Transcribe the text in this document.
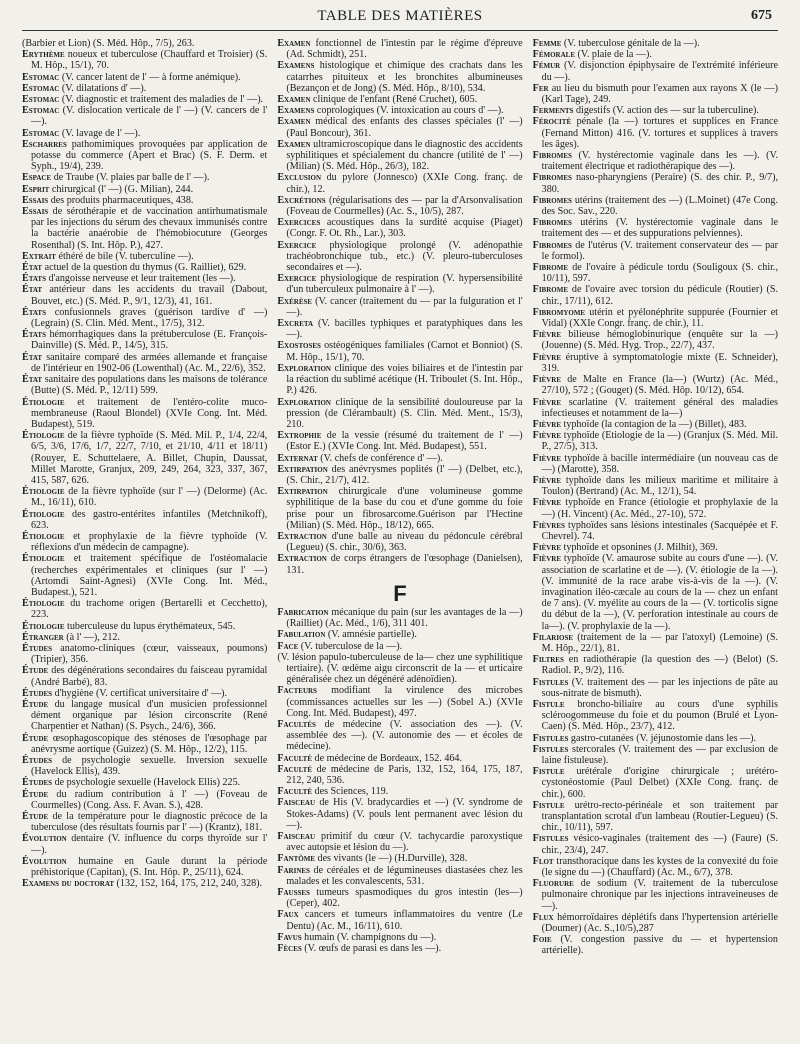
TABLE DES MATIÈRES	675

(Barbier et Lion) (S. Méd. Hôp., 7/5), 263.

Erythème noueux et tuberculose (Chauffard et Troisier) (S. M. Hôp., 15/1), 70.

Estomac (V. cancer latent de l' — à forme anémique).

Estomac (V. dilatations d' —).

Estomac (V. diagnostic et traitement des maladies de l' —).

Estomac (V. dislocation verticale de l' —) (V. cancers de l' —).

Estomac (V. lavage de l' —).

Escharres pathomimiques provoquées par application de potasse du commerce (Apert et Brac) (S. F. Derm. et Syph., 19/4), 239.

Espace de Traube (V. plaies par balle de l' —).

Esprit chirurgical (l' —) (G. Milian), 244.

Essais des produits pharmaceutiques, 438.

Essais de sérothérapie et de vaccination antirhumatismale par les injections du sérum des chevaux immunisés contre la bactérie anaérobie de l'hémobiocuture (Georges Rosenthal) (S. Int. Hôp. P.), 427.

Extrait éthéré de bile (V. tuberculine —).

État actuel de la question du thymus (G. Railliet), 629.

États d'angoisse nerveuse et leur traitement (les —).

État antérieur dans les accidents du travail (Dabout, Bouvet, etc.) (S. Méd. P., 9/1, 12/3), 41, 161.

États confusionnels graves (guérison tardive d' —) (Legrain) (S. Clin. Méd. Ment., 17/5), 312.

États hémorrhagiques dans la prétuberculose (E. François-Dainville) (S. Méd. P., 14/5), 315.

État sanitaire comparé des armées allemande et française de l'intérieur en 1902-06 (Lowenthal) (Ac. M., 22/6), 352.

État sanitaire des populations dans les maisons de tolérance (Butte) (S. Méd. P., 12/11) 599.

Étiologie et traitement de l'entéro-colite muco-membraneuse (Raoul Blondel) (XVIe Cong. Int. Méd. Budapest), 519.

Étiologie de la fièvre typhoïde (S. Méd. Mil. P., 1/4, 22/4, 6/5, 3/6, 17/6, 1/7, 22/7, 7/10, et 21/10, 4/11 et 18/11) (Rouyer, E. Schuttelaere, A. Billet, Chupin, Daussat, Millet Marotte, Granjux, 209, 249, 264, 323, 337, 367, 415, 587, 626.

Étiologie de la fièvre typhoïde (sur l' —) (Delorme) (Ac. M., 16/11), 610.

Étiologie des gastro-entérites infantiles (Metchnikoff), 623.

Étiologie et prophylaxie de la fièvre typhoïde (V. réflexions d'un médecin de campagne).

Étiologie et traitement spécifique de l'ostéomalacie (recherches expérimentales et cliniques (sur l' —) (Artomdi Saint-Agnesi) (XVIe Cong. Int. Méd., Budapest.), 521.

Étiologie du trachome origen (Bertarelli et Cecchetto), 223.

Étiologie tuberculeuse du lupus érythémateux, 545.

Étranger (à l' —), 212.

Études anatomo-cliniques (cœur, vaisseaux, poumons) (Tripier), 356.

Étude des dégénérations secondaires du faisceau pyramidal (André Barbé), 83.

Études d'hygiène (V. certificat universitaire d' —).

Étude du langage musical d'un musicien professionnel dément organique par lésion circonscrite (René Charpentier et Nathan) (S. Psych., 24/6), 366.

Étude œsophagoscopique des sténoses de l'œsophage par anévrysme aortique (Guizez) (S. M. Hôp., 12/2), 115.

Études de psychologie sexuelle. Inversion sexuelle (Havelock Ellis), 439.

Études de psychologie sexuelle (Havelock Ellis) 225.

Étude du radium contribution à l' —) (Foveau de Courmelles) (Cong. Ass. F. Avan. S.), 428.

Étude de la température pour le diagnostic précoce de la tuberculose (des résultats fournis par l' —) (Krantz), 181.

Évolution dentaire (V. influence du corps thyroïde sur l' —).

Évolution humaine en Gaule durant la période préhistorique (Capitan), (S. Int. Hôp. P., 25/11), 624.

Examens du doctorat (132, 152, 164, 175, 212, 240, 328).

Examen fonctionnel de l'intestin par le régime d'épreuve (Ad. Schmidt), 251.

Examens histologique et chimique des crachats dans les catarrhes pituiteux et les bronchites albumineuses (Bezançon et de Jong) (S. Méd. Hôp., 8/10), 534.

Examen clinique de l'enfant (René Cruchet), 605.

Examens coprologiques (V. intoxication au cours d' —).

Examen médical des enfants des classes spéciales (l' —) (Paul Boncour), 361.

Examen ultramicroscopique dans le diagnostic des accidents syphilitiques et spécialement du chancre (utilité de l' —) (Milian) (S. Méd. Hôp., 26/3), 182.

Exclusion du pylore (Jonnesco) (XXIe Cong. franç. de chir.), 12.

Excrétions (régularisations des — par la d'Arsonvalisation (Foveau de Courmelles) (Ac. S., 10/5), 287.

Exercices acoustiques dans la surdité acquise (Piaget) (Congr. F. Ot. Rh., Lar.), 303.

Exercice physiologique prolongé (V. adénopathie trachéobronchique tub., etc.) (V. pleuro-tuberculoses secondaires et —).

Exercice physiologique de respiration (V. hypersensibilité d'un tuberculeux pulmonaire à l' —).

Exérèse (V. cancer (traitement du — par la fulguration et l' —).

Excreta (V. bacilles typhiques et paratyphiques dans les —).

Exostoses ostéogéniques familiales (Carnot et Bonniot) (S. M. Hôp., 15/1), 70.

Exploration clinique des voies biliaires et de l'intestin par la réaction du sublimé acétique (H. Triboulet (S. Int. Hôp., P.) 426.

Exploration clinique de la sensibilité douloureuse par la pression (de Clérambault) (S. Clin. Méd. Ment., 15/3), 210.

Extrophie de la vessie (résumé du traitement de l' —) (Estor E.) (XVIe Cong. Int. Méd. Budapest), 551.

Externat (V. chefs de conférence d' —).

Extirpation des anévrysmes poplités (l' —) (Delbet, etc.), (S. Chir., 21/7), 412.

Extirpation chirurgicale d'une volumineuse gomme syphilitique de la base du cou et d'une gomme du foie prise pour un fibrosarcome.Guérison par l'Hectine (Milian) (S. Méd. Hôp., 18/12), 665.

Extraction d'une balle au niveau du pédoncule cérébral (Legueu) (S. chir., 30/6), 363.

Extraction de corps étrangers de l'œsophage (Danielsen), 131.

F

Fabrication mécanique du pain (sur les avantages de la —) (Railliet) (Ac. Méd., 1/6), 311 401.

Fabulation (V. amnésie partielle).

Face (V. tuberculose de la —).

(V. lésion papulo-tuberculeuse de la— chez une syphilitique tertiaire). (V. œdème aigu circonscrit de la — et urticaire généralisée chez un dégénéré adénoïdien).

Facteurs modifiant la virulence des microbes (commissances actuelles sur les —) (Sobel A.) (XVIe Cong. Int. Méd. Budapest), 497.

Facultés de médecine (V. association des —). (V. assemblée des —). (V. autonomie des — et écoles de médecine).

Faculté de médecine de Bordeaux, 152. 464.

Faculté de médecine de Paris, 132, 152, 164, 175, 187, 212, 240, 536.

Faculté des Sciences, 119.

Faisceau de His (V. bradycardies et —) (V. syndrome de Stokes-Adams) (V. pouls lent permanent avec lésion du —).

Faisceau primitif du cœur (V. tachycardie paroxystique avec autopsie et lésion du —).

Fantôme des vivants (le —) (H.Durville), 328.

Farines de céréales et de légumineuses diastasées chez les malades et les convalescents, 531.

Fausses tumeurs spasmodiques du gros intestin (les—) (Ceper), 402.

Faux cancers et tumeurs inflammatoires du ventre (Le Dentu) (Ac. M., 16/11), 610.

Favus humain (V. champignons du —).

Fèces (V. œufs de parasi es dans les —).

Femme (V. tuberculose génitale de la —).

Fémorale (V. plaie de la —).

Fémur (V. disjonction épiphysaire de l'extrémité inférieure du —).

Fer au lieu du bismuth pour l'examen aux rayons X (le —) (Karl Tage), 249.

Ferments digestifs (V. action des — sur la tuberculine).

Férocité pénale (la —) tortures et supplices en France (Fernand Mitton) 416. (V. tortures et supplices à travers les âges).

Fibromes (V. hystérectomie vaginale dans les —). (V. traitement électrique et radiothérapique des —).

Fibromes naso-pharyngiens (Peraire) (S. des chir. P., 9/7), 380.

Fibromes utérins (traitement des —) (L.Moinet) (47e Cong. des Soc. Sav., 220.

Fibromes utérins (V. hystérectomie vaginale dans le traitement des — et des suppurations pelviennes).

Fibromes de l'utérus (V. traitement conservateur des — par le formol).

Fibrome de l'ovaire à pédicule tordu (Souligoux (S. chir., 10/11), 597.

Fibrome de l'ovaire avec torsion du pédicule (Routier) (S. chir., 17/11), 612.

Fibromyome utérin et pyélonéphrite suppurée (Fournier et Vidal) (XXIe Congr. franç. de chir.), 11.

Fièvre bilieuse hémoglobinurique (enquête sur la —) (Jouenne) (S. Méd. Hyg. Trop., 22/7), 437.

Fièvre éruptive à symptomatologie mixte (E. Schneider), 319.

Fièvre de Malte en France (la—) (Wurtz) (Ac. Méd., 27/10), 572 ; (Gouget) (S. Méd. Hôp. 10/12), 654.

Fièvre scarlatine (V. traitement général des maladies infectieuses et notamment de la—)

Fièvre typhoïde (la contagion de la —) (Billet), 483.

Fièvre typhoïde (Etiologie de la —) (Granjux (S. Méd. Mil. P., 27/5), 313.

Fièvre typhoïde à bacille intermédiaire (un nouveau cas de —) (Marotte), 358.

Fièvre typhoïde dans les milieux maritime et militaire à Toulon) (Bertrand) (Ac. M., 12/1), 54.

Fièvre typhoïde en France (étiologie et prophylaxie de la —) (H. Vincent) (Ac. Méd., 27-10), 572.

Fièvres typhoïdes sans lésions intestinales (Sacquépée et F. Chevrel). 74.

Fièvre typhoïde et opsonines (J. Milhit), 369.

Fièvre typhoïde (V. amaurose subite au cours d'une —). (V. association de scarlatine et de —). (V. étiologie de la —). (V. immunité de la race arabe vis-à-vis de la —). (V. invagination iléo-cæcale au cours de la — chez un enfant de 7 ans). (V. myélite au cours de la — (V. torticolis signe du début de la —), (V. perforation intestinale au cours de la—). (V. prophylaxie de la —).

Filariose (traitement de la — par l'atoxyl) (Lemoine) (S. M. Hôp., 22/1), 81.

Filtres en radiothérapie (la question des —) (Belot) (S. Radiol. P., 9/2), 116.

Fistules (V. traitement des — par les injections de pâte au sous-nitrate de bismuth).

Fistule broncho-biliaire au cours d'une syphilis scléroogommeuse du foie et du poumon (Brulé et Lyon-Caen) (S. Méd. Hôp., 23/7), 412.

Fistules gastro-cutanées (V. jéjunostomie dans les —).

Fistules stercorales (V. traitement des — par exclusion de laine fistuleuse).

Fistule urétérale d'origine chirurgicale ; urétéro-cystonéostomie (Paul Delbet) (XXIe Cong. franç. de chir.), 600.

Fistule urétro-recto-périnéale et son traitement par transplantation scrotal d'un lambeau (Routier-Legueu) (S. chir., 10/11), 597.

Fistules vésico-vaginales (traitement des —) (Faure) (S. chir., 23/4), 247.

Flot transthoracique dans les kystes de la convexité du foie (le signe du —) (Chauffard) (Ac. M., 6/7), 378.

Fluorure de sodium (V. traitement de la tuberculose pulmonaire chronique par les injections intraveineuses de —).

Flux hémorroïdaires déplétifs dans l'hypertension artérielle (Doumer) (Ac. S.,10/5),287

Foie (V. congestion passive du — et hypertension artérielle).
